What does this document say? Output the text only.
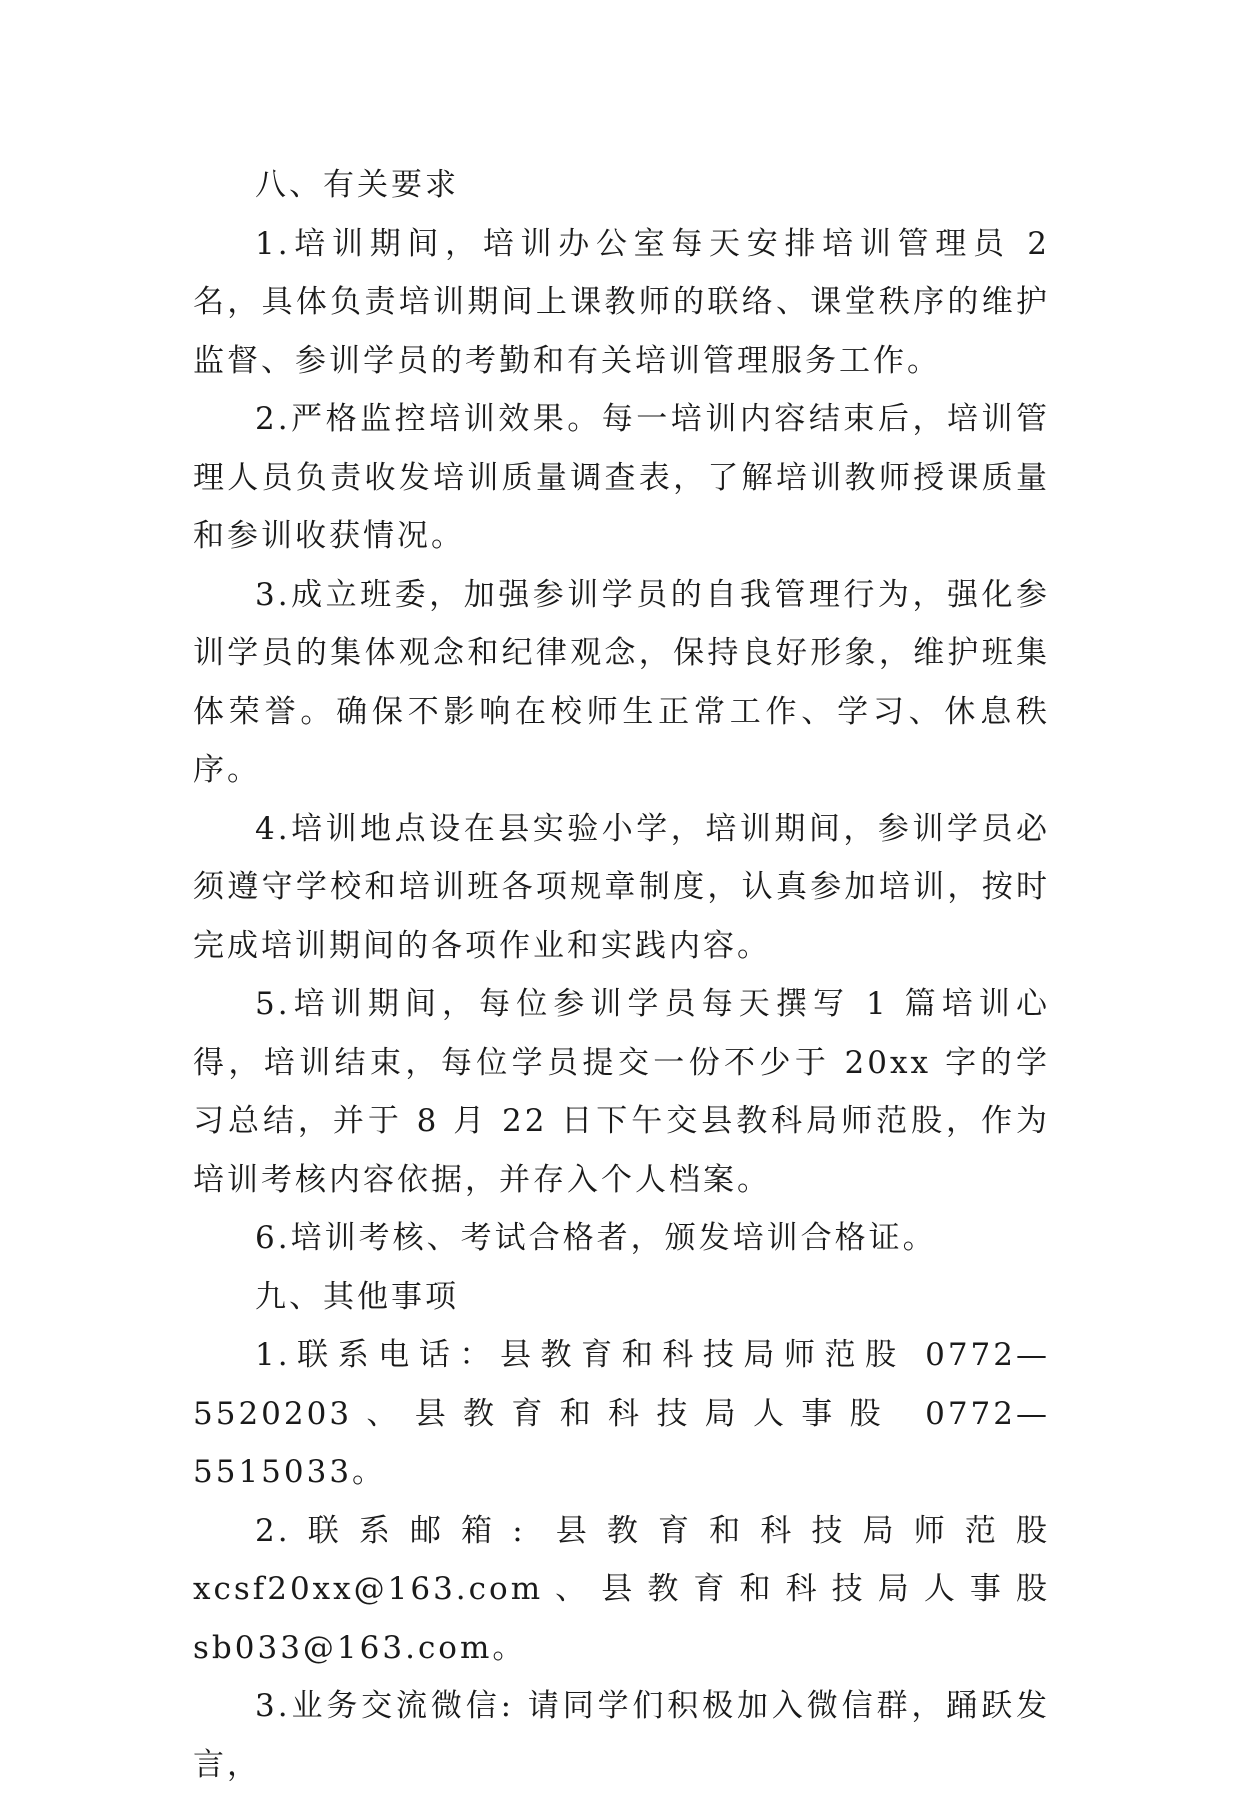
八、有关要求

1.培训期间，培训办公室每天安排培训管理员 2 名，具体负责培训期间上课教师的联络、课堂秩序的维护监督、参训学员的考勤和有关培训管理服务工作。

2.严格监控培训效果。每一培训内容结束后，培训管理人员负责收发培训质量调查表，了解培训教师授课质量和参训收获情况。

3.成立班委，加强参训学员的自我管理行为，强化参训学员的集体观念和纪律观念，保持良好形象，维护班集体荣誉。确保不影响在校师生正常工作、学习、休息秩序。

4.培训地点设在县实验小学，培训期间，参训学员必须遵守学校和培训班各项规章制度，认真参加培训，按时完成培训期间的各项作业和实践内容。

5.培训期间，每位参训学员每天撰写 1 篇培训心得，培训结束，每位学员提交一份不少于 20xx 字的学习总结，并于 8 月 22 日下午交县教科局师范股，作为培训考核内容依据，并存入个人档案。

6.培训考核、考试合格者，颁发培训合格证。

九、其他事项

1.联系电话：县教育和科技局师范股 0772—5520203、县教育和科技局人事股 0772—5515033。

2.联系邮箱: 县教育和科技局师范股 xcsf20xx@163.com、县教育和科技局人事股 sb033@163.com。

3.业务交流微信: 请同学们积极加入微信群，踊跃发言，
